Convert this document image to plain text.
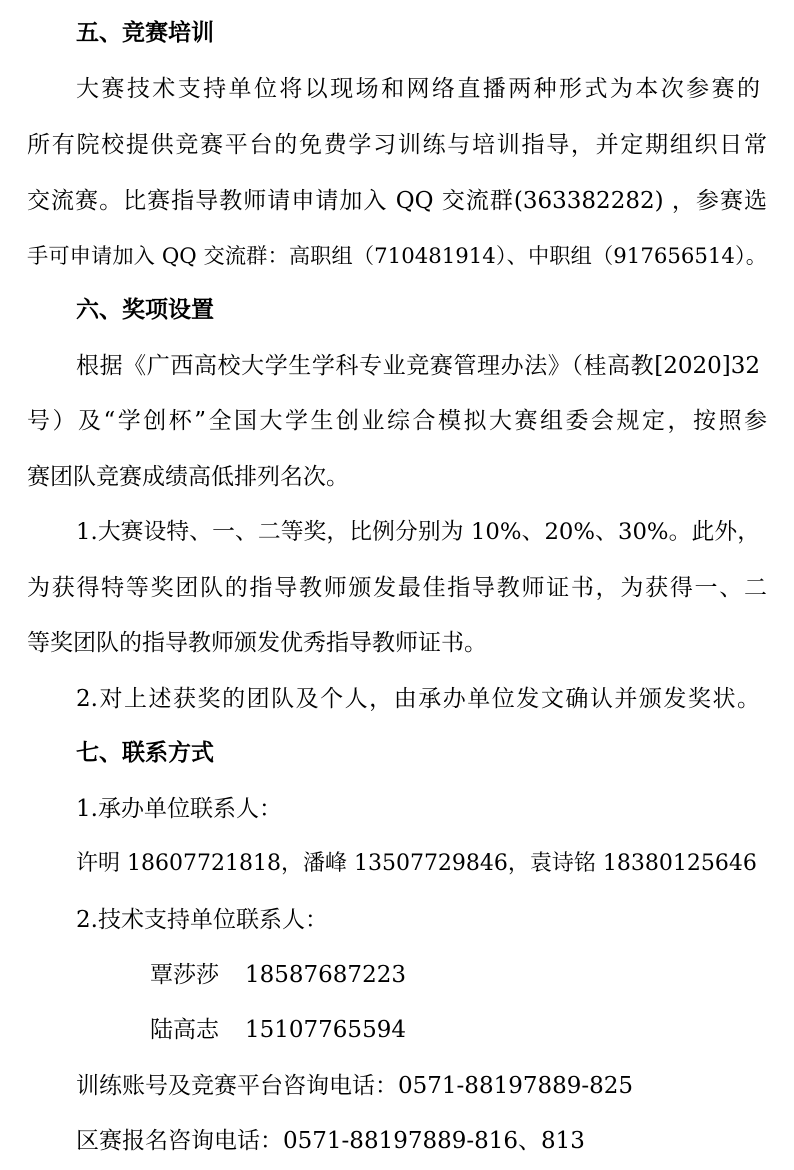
五、竞赛培训
大赛技术支持单位将以现场和网络直播两种形式为本次参赛的
所有院校提供竞赛平台的免费学习训练与培训指导，并定期组织日常
交流赛。比赛指导教师请申请加入 QQ 交流群(363382282) ，参赛选
手可申请加入 QQ 交流群：高职组（710481914）、中职组（917656514）。
六、奖项设置
根据《广西高校大学生学科专业竞赛管理办法》（桂高教[2020]32
号）及“学创杯”全国大学生创业综合模拟大赛组委会规定，按照参
赛团队竞赛成绩高低排列名次。
1.大赛设特、一、二等奖，比例分别为 10%、20%、30%。此外，
为获得特等奖团队的指导教师颁发最佳指导教师证书，为获得一、二
等奖团队的指导教师颁发优秀指导教师证书。
2.对上述获奖的团队及个人，由承办单位发文确认并颁发奖状。
七、联系方式
1.承办单位联系人：
许明 18607721818，潘峰 13507729846，袁诗铭 18380125646
2.技术支持单位联系人：
覃莎莎 18587687223
陆高志 15107765594
训练账号及竞赛平台咨询电话：0571-88197889-825
区赛报名咨询电话：0571-88197889-816、813
